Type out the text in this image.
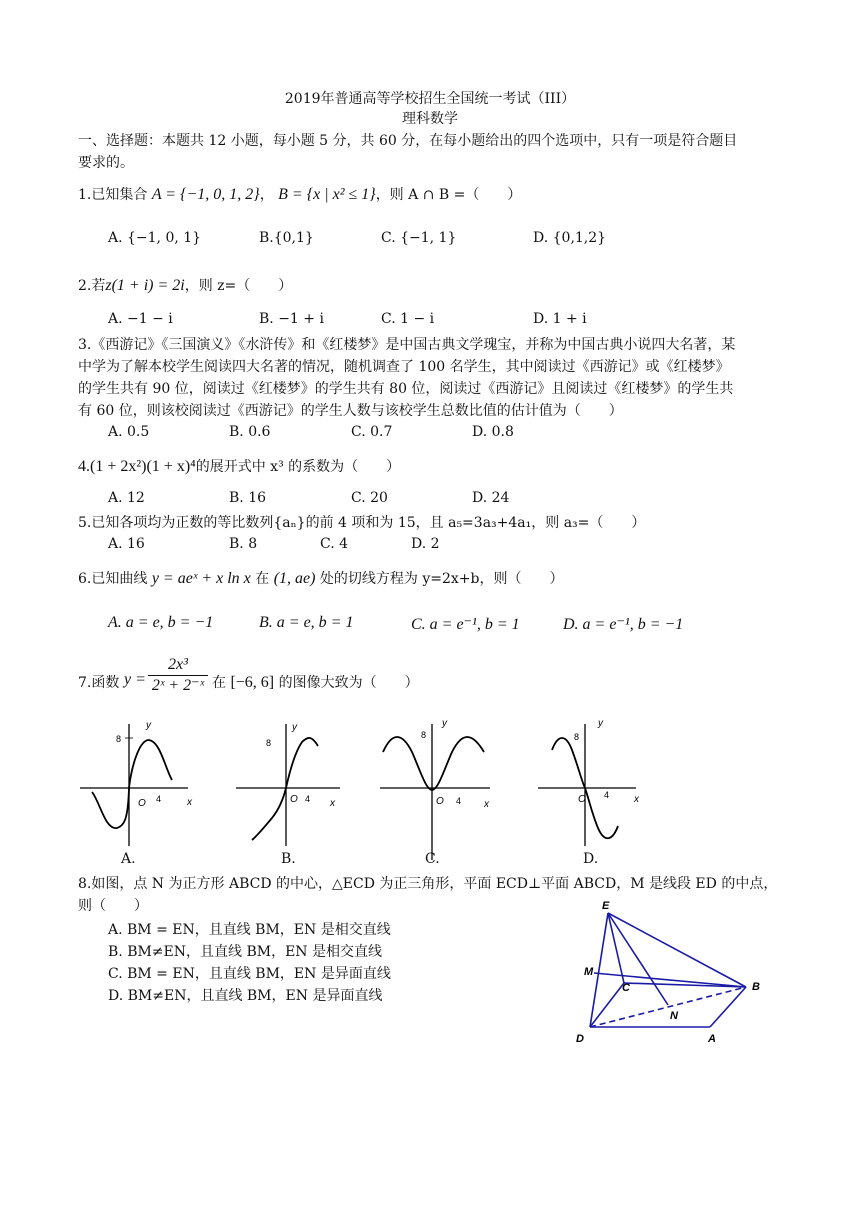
2019年普通高等学校招生全国统一考试（III）
理科数学
一、选择题：本题共 12 小题，每小题 5 分，共 60 分，在每小题给出的四个选项中，只有一项是符合题目
要求的。
1.已知集合 A = {−1, 0, 1, 2}， B = {x | x² ≤ 1}，则 A ∩ B =（　　）
A. {−1, 0, 1}	B.{0,1}	C. {−1, 1}	D. {0,1,2}
2.若z(1 + i) = 2i，则 z=（　　）
A. −1 − i	B. −1 + i	C. 1 − i	D. 1 + i
3.《西游记》《三国演义》《水浒传》和《红楼梦》是中国古典文学瑰宝，并称为中国古典小说四大名著，某
中学为了解本校学生阅读四大名著的情况，随机调查了 100 名学生，其中阅读过《西游记》或《红楼梦》
的学生共有 90 位，阅读过《红楼梦》的学生共有 80 位，阅读过《西游记》且阅读过《红楼梦》的学生共
有 60 位，则该校阅读过《西游记》的学生人数与该校学生总数比值的估计值为（　　）
A. 0.5	B. 0.6	C. 0.7	D. 0.8
4.(1 + 2x²)(1 + x)⁴的展开式中 x³ 的系数为（　　）
A. 12	B. 16	C. 20	D. 24
5.已知各项均为正数的等比数列{aₙ}的前 4 项和为 15，且 a₅=3a₃+4a₁，则 a₃=（　　）
A. 16	B. 8	C. 4	D. 2
6.已知曲线 y = aeˣ + x ln x 在 (1, ae) 处的切线方程为 y=2x+b，则（　　）
A. a = e, b = −1	B. a = e, b = 1	C. a = e⁻¹, b = 1	D. a = e⁻¹, b = −1
7.函数 y =
2x³
2ˣ + 2⁻ˣ 在 [−6, 6] 的图像大致为（　　）
y
x
O
y
x
O
y
x
O
y
x
O
8
4
8
4
8
4
8
4
A.	B.	C.	D.
8.如图，点 N 为正方形 ABCD 的中心，△ECD 为正三角形，平面 ECD⊥平面 ABCD，M 是线段 ED 的中点，
则（　　）
A. BM = EN，且直线 BM，EN 是相交直线
B. BM≠EN，且直线 BM，EN 是相交直线
C. BM = EN，且直线 BM，EN 是异面直线
D. BM≠EN，且直线 BM，EN 是异面直线
E
M
C	B
N
D	A
